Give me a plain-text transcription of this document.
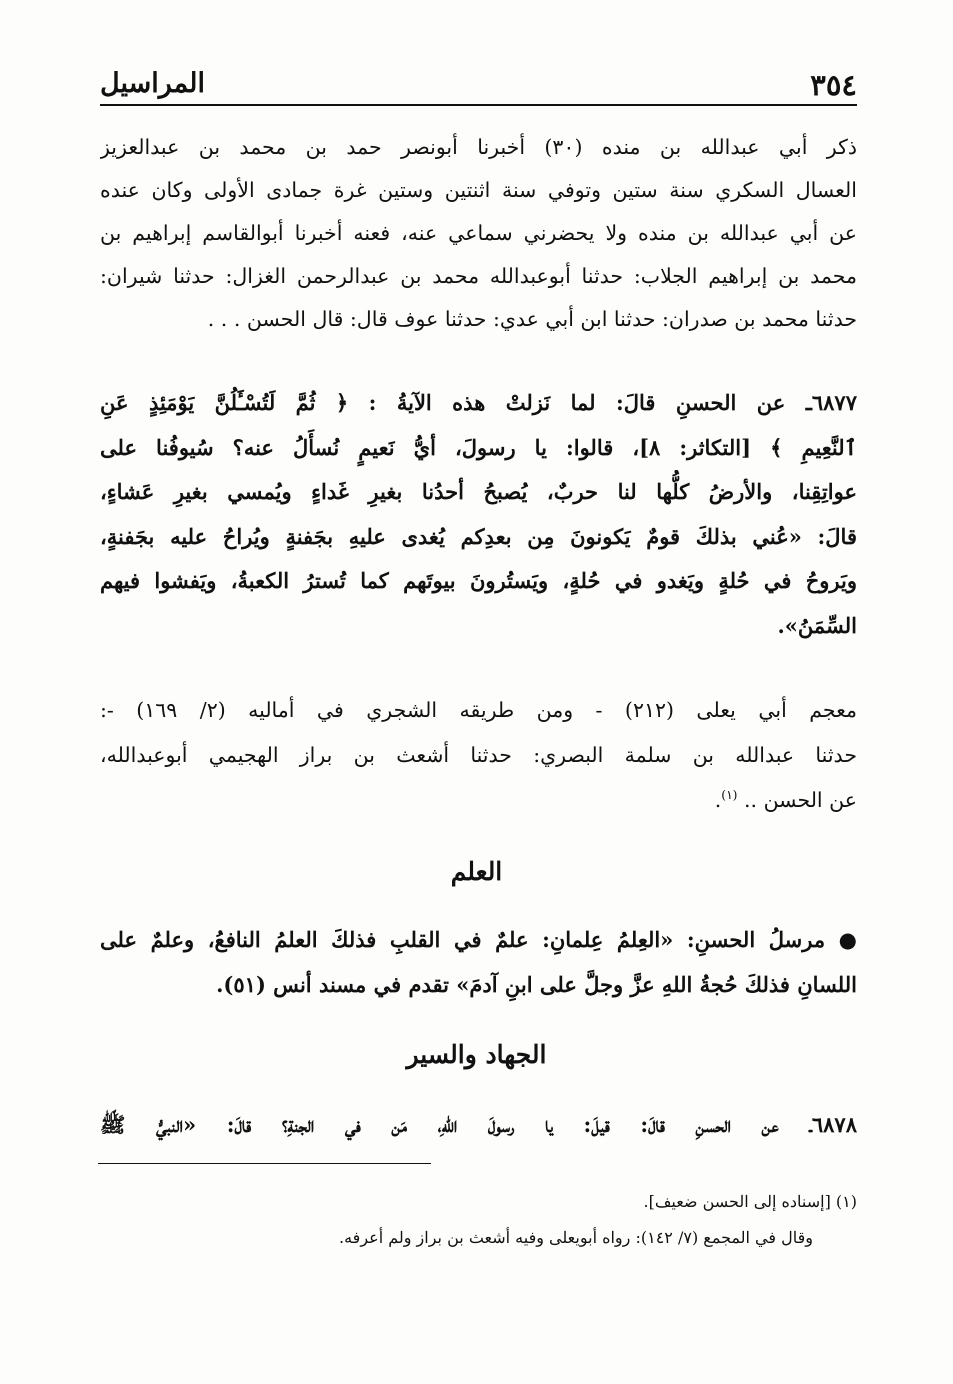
٣٥٤
المراسيل
ذكر أبي عبدالله بن منده (٣٠) أخبرنا أبونصر حمد بن محمد بن عبدالعزيز
العسال السكري سنة ستين وتوفي سنة اثنتين وستين غرة جمادى الأولى وكان عنده
عن أبي عبدالله بن منده ولا يحضرني سماعي عنه، فعنه أخبرنا أبوالقاسم إبراهيم بن
محمد بن إبراهيم الجلاب: حدثنا أبوعبدالله محمد بن عبدالرحمن الغزال: حدثنا شيران:
حدثنا محمد بن صدران: حدثنا ابن أبي عدي: حدثنا عوف قال: قال الحسن . . .
٦٨٧٧ـ عن الحسنِ قالَ: لما نَزلتْ هذه الآيةُ : ﴿ ثُمَّ لَتُسْـَٔلُنَّ يَوْمَئِذٍ عَنِ
ٱلنَّعِيمِ ﴾ [التكاثر: ٨]، قالوا: يا رسولَ، أيُّ نَعيمٍ نُسأَلُ عنه؟ سُيوفُنا على
عواتِقِنا، والأرضُ كلُّها لنا حربٌ، يُصبحُ أحدُنا بغيرِ غَداءٍ ويُمسي بغيرِ عَشاءٍ،
قالَ: «عُني بذلكَ قومٌ يَكونونَ مِن بعدِكم يُغدى عليهِ بجَفنةٍ ويُراحُ عليه بجَفنةٍ،
ويَروحُ في حُلةٍ ويَغدو في حُلةٍ، ويَستُرونَ بيوتَهم كما تُسترُ الكعبةُ، ويَفشوا فيهم
السِّمَنُ».
معجم أبي يعلى (٢١٢) - ومن طريقه الشجري في أماليه (٢/ ١٦٩) -:
حدثنا عبدالله بن سلمة البصري: حدثنا أشعث بن براز الهجيمي أبوعبدالله،
عن الحسن .. $^{(١)}$.
العلم
● مرسلُ الحسنِ: «العِلمُ عِلمانِ: علمٌ في القلبِ فذلكَ العلمُ النافعُ، وعلمٌ على
اللسانِ فذلكَ حُجةُ اللهِ عزَّ وجلَّ على ابنِ آدمَ» تقدم في مسند أنس (٥١).
الجهاد والسير
٦٨٧٨ـ عن الحسنِ قالَ: قيلَ: يا رسولَ اللهِ، مَن في الجنةِ؟ قالَ: «النبيُّ ﷺ
(١) [إسناده إلى الحسن ضعيف].
وقال في المجمع (٧/ ١٤٢): رواه أبويعلى وفيه أشعث بن براز ولم أعرفه.
